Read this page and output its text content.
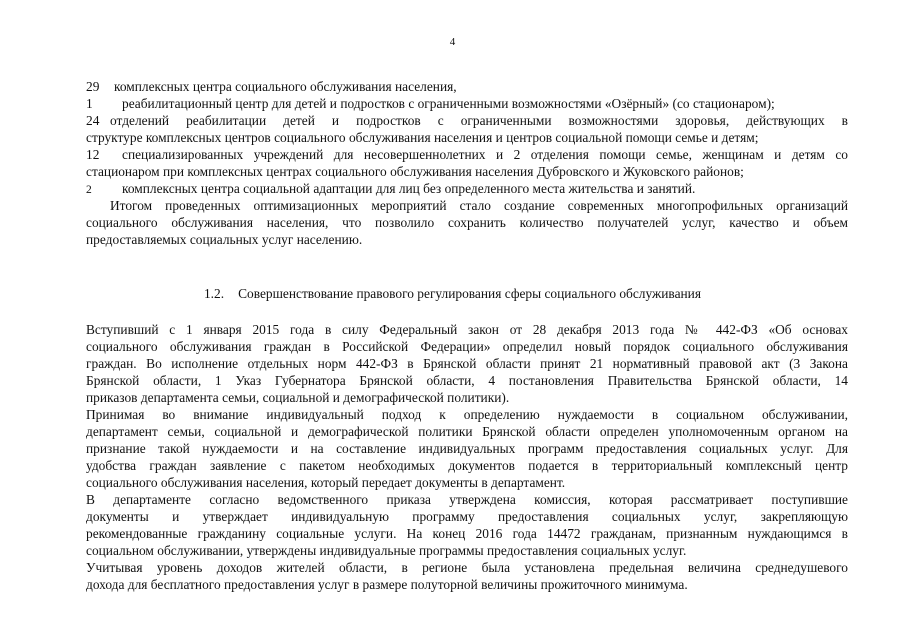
4
29 комплексных центра социального обслуживания населения,
1 реабилитационный центр для детей и подростков с ограниченными возможностями «Озёрный» (со стационаром);
24 отделений реабилитации детей и подростков с ограниченными возможностями здоровья, действующих в
структуре комплексных центров социального обслуживания населения и центров социальной помощи семье и детям;
12 специализированных учреждений для несовершеннолетних и 2 отделения помощи семье, женщинам и детям со
стационаром при комплексных центрах социального обслуживания населения Дубровского и Жуковского районов;
2 комплексных центра социальной адаптации для лиц без определенного места жительства и занятий.
Итогом проведенных оптимизационных мероприятий стало создание современных многопрофильных организаций
социального обслуживания населения, что позволило сохранить количество получателей услуг, качество и объем
предоставляемых социальных услуг населению.
1.2. Совершенствование правового регулирования сферы социального обслуживания
Вступивший с 1 января 2015 года в силу Федеральный закон от 28 декабря 2013 года № 442-ФЗ «Об основах
социального обслуживания граждан в Российской Федерации» определил новый порядок социального обслуживания
граждан. Во исполнение отдельных норм 442-ФЗ в Брянской области принят 21 нормативный правовой акт (3 Закона
Брянской области, 1 Указ Губернатора Брянской области, 4 постановления Правительства Брянской области, 14
приказов департамента семьи, социальной и демографической политики).
Принимая во внимание индивидуальный подход к определению нуждаемости в социальном обслуживании,
департамент семьи, социальной и демографической политики Брянской области определен уполномоченным органом на
признание такой нуждаемости и на составление индивидуальных программ предоставления социальных услуг. Для
удобства граждан заявление с пакетом необходимых документов подается в территориальный комплексный центр
социального обслуживания населения, который передает документы в департамент.
В департаменте согласно ведомственного приказа утверждена комиссия, которая рассматривает поступившие
документы и утверждает индивидуальную программу предоставления социальных услуг, закрепляющую
рекомендованные гражданину социальные услуги. На конец 2016 года 14472 гражданам, признанным нуждающимся в
социальном обслуживании, утверждены индивидуальные программы предоставления социальных услуг.
Учитывая уровень доходов жителей области, в регионе была установлена предельная величина среднедушевого
дохода для бесплатного предоставления услуг в размере полуторной величины прожиточного минимума.
